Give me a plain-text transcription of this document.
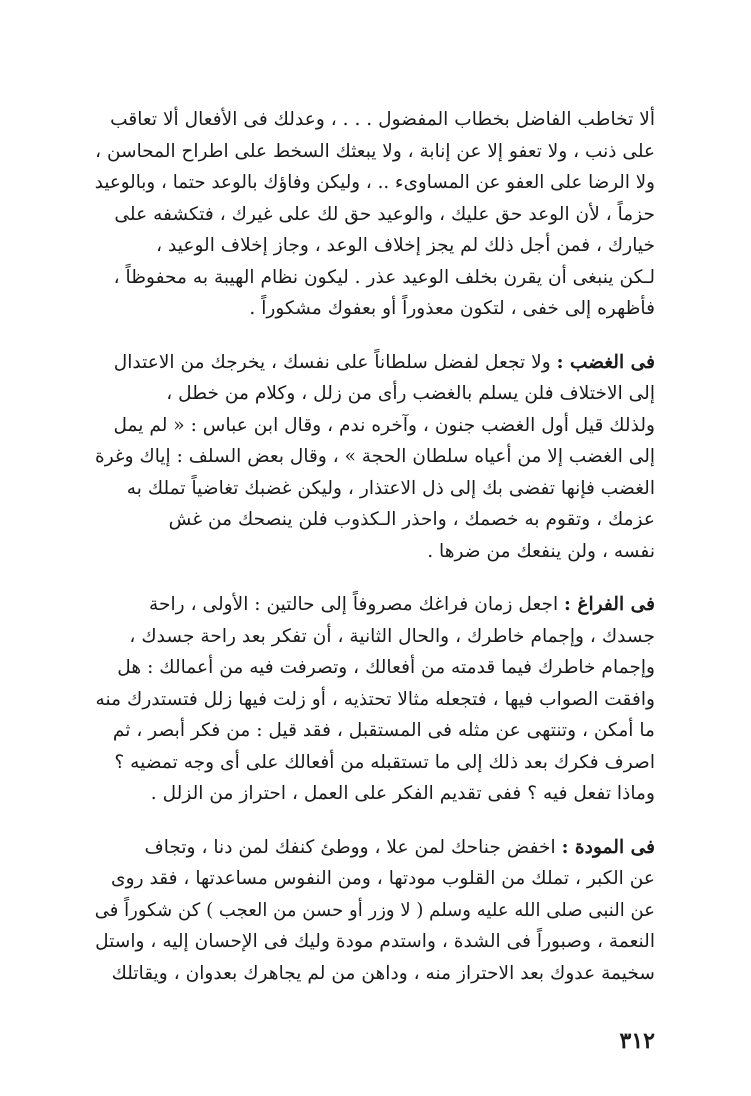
ألا تخاطب الفاضل بخطاب المفضول . . . ، وعدلك فى الأفعال ألا تعاقب
على ذنب ، ولا تعفو إلا عن إنابة ، ولا يبعثك السخط على اطراح المحاسن ،
ولا الرضا على العفو عن المساوىء .. ، وليكن وفاؤك بالوعد حتما ، وبالوعيد
حزماً ، لأن الوعد حق عليك ، والوعيد حق لك على غيرك ، فتكشفه على
خيارك ، فمن أجل ذلك لم يجز إخلاف الوعد ، وجاز إخلاف الوعيد ،
لـكن ينبغى أن يقرن بخلف الوعيد عذر . ليكون نظام الهيبة به محفوظاً ،
فأظهره إلى خفى ، لتكون معذوراً أو بعفوك مشكوراً .

فى الغضب : ولا تجعل لفضل سلطاناً على نفسك ، يخرجك من الاعتدال
إلى الاختلاف فلن يسلم بالغضب رأى من زلل ، وكلام من خطل ،
ولذلك قيل أول الغضب جنون ، وآخره ندم ، وقال ابن عباس : « لم يمل
إلى الغضب إلا من أعياه سلطان الحجة » ، وقال بعض السلف : إياك وغرة
الغضب فإنها تفضى بك إلى ذل الاعتذار ، وليكن غضبك تغاضياً تملك به
عزمك ، وتقوم به خصمك ، واحذر الـكذوب فلن ينصحك من غش
نفسه ، ولن ينفعك من ضرها .

فى الفراغ : اجعل زمان فراغك مصروفاً إلى حالتين : الأولى ، راحة
جسدك ، وإجمام خاطرك ، والحال الثانية ، أن تفكر بعد راحة جسدك ،
وإجمام خاطرك فيما قدمته من أفعالك ، وتصرفت فيه من أعمالك : هل
وافقت الصواب فيها ، فتجعله مثالا تحتذيه ، أو زلت فيها زلل فتستدرك منه
ما أمكن ، وتنتهى عن مثله فى المستقبل ، فقد قيل : من فكر أبصر ، ثم
اصرف فكرك بعد ذلك إلى ما تستقبله من أفعالك على أى وجه تمضيه ؟
وماذا تفعل فيه ؟ ففى تقديم الفكر على العمل ، احتراز من الزلل .

فى المودة : اخفض جناحك لمن علا ، ووطئ كنفك لمن دنا ، وتجاف
عن الكبر ، تملك من القلوب مودتها ، ومن النفوس مساعدتها ، فقد روى
عن النبى صلى الله عليه وسلم ( لا وزر أو حسن من العجب ) كن شكوراً فى
النعمة ، وصبوراً فى الشدة ، واستدم مودة وليك فى الإحسان إليه ، واستل
سخيمة عدوك بعد الاحتراز منه ، وداهن من لم يجاهرك بعدوان ، ويقاتلك

٣١٢
